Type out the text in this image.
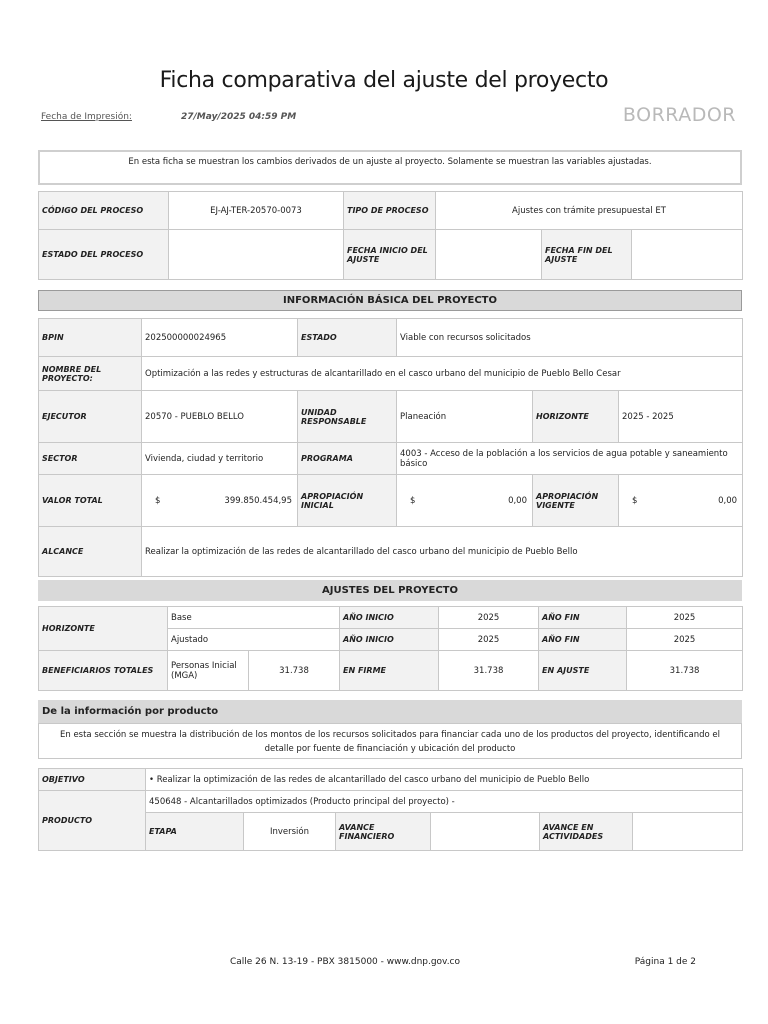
Ficha comparativa del ajuste del proyecto
Fecha de Impresión:	27/May/2025 04:59 PM	BORRADOR
En esta ficha se muestran los cambios derivados de un ajuste al proyecto. Solamente se muestran las variables ajustadas.
CÓDIGO DEL PROCESO	EJ-AJ-TER-20570-0073	TIPO DE PROCESO	Ajustes con trámite presupuestal ET		
ESTADO DEL PROCESO		FECHA INICIO DEL AJUSTE		FECHA FIN DEL AJUSTE	
INFORMACIÓN BÁSICA DEL PROYECTO
BPIN	202500000024965	ESTADO	Viable con recursos solicitados		
NOMBRE DEL PROYECTO:	Optimización a las redes y estructuras de alcantarillado en el casco urbano del municipio de Pueblo Bello Cesar				
EJECUTOR	20570 - PUEBLO BELLO	UNIDAD RESPONSABLE	Planeación	HORIZONTE	2025 - 2025
SECTOR	Vivienda, ciudad y territorio	PROGRAMA	4003 - Acceso de la población a los servicios de agua potable y saneamiento básico		
VALOR TOTAL	$ 399.850.454,95	APROPIACIÓN INICIAL	$ 0,00	APROPIACIÓN VIGENTE	$ 0,00

ALCANCE	Realizar la optimización de las redes de alcantarillado del casco urbano del municipio de Pueblo Bello				
AJUSTES DEL PROYECTO
HORIZONTE	Base		AÑO INICIO	2025	AÑO FIN	2025
	Ajustado		AÑO INICIO	2025	AÑO FIN	2025
BENEFICIARIOS TOTALES	Personas Inicial (MGA)	31.738	EN FIRME	31.738	EN AJUSTE	31.738
De la información por producto
En esta sección se muestra la distribución de los montos de los recursos solicitados para financiar cada uno de los productos del proyecto, identificando el detalle por fuente de financiación y ubicación del producto
OBJETIVO	• Realizar la optimización de las redes de alcantarillado del casco urbano del municipio de Pueblo Bello					
PRODUCTO	450648 - Alcantarillados optimizados (Producto principal del proyecto) -					
	ETAPA	Inversión	AVANCE FINANCIERO		AVANCE EN ACTIVIDADES	
Calle 26 N. 13-19 - PBX 3815000 - www.dnp.gov.co	Página 1 de 2
